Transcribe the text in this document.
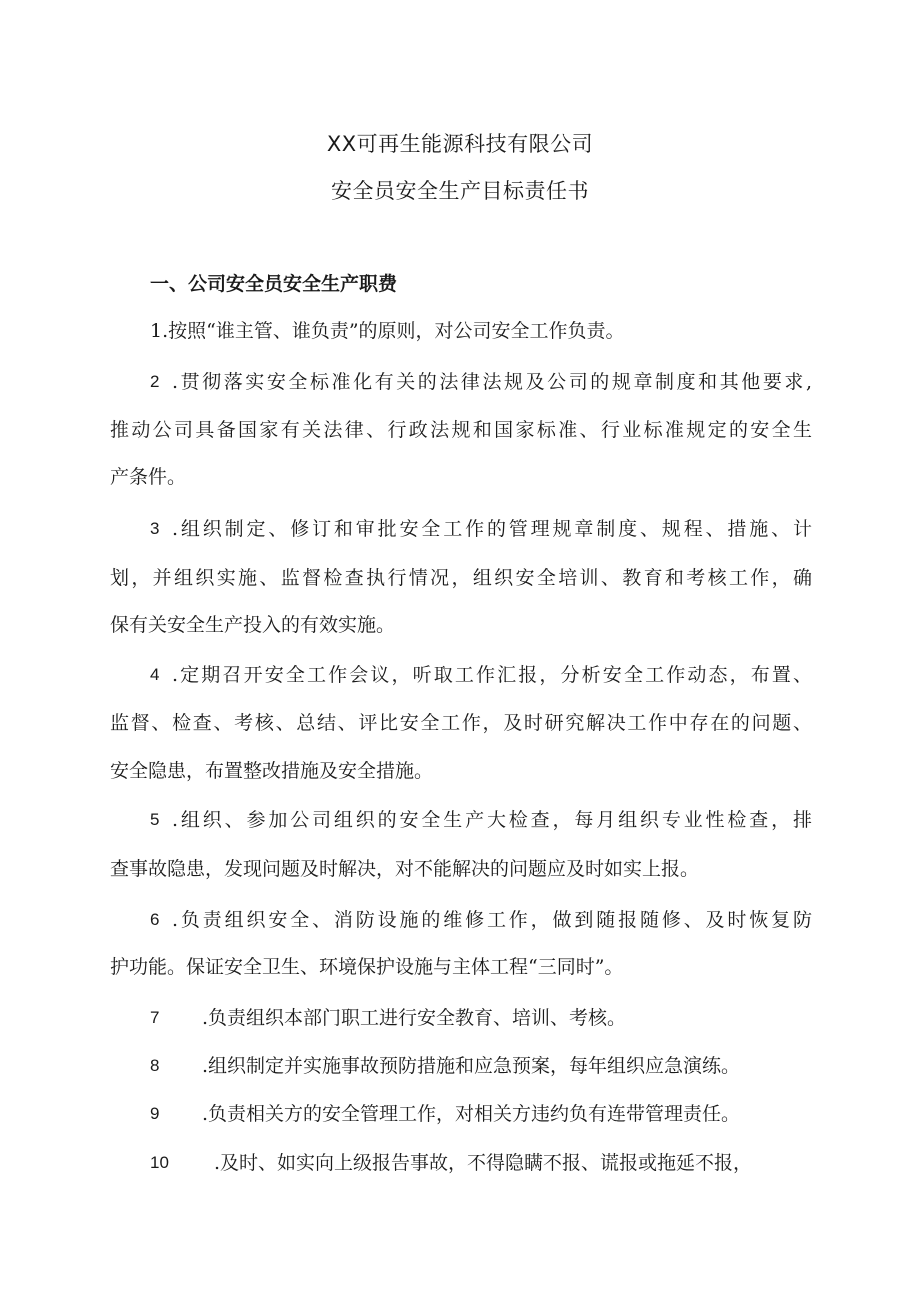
XX可再生能源科技有限公司
安全员安全生产目标责任书
一、公司安全员安全生产职费
1.按照“谁主管、谁负责”的原则，对公司安全工作负责。
2 .贯彻落实安全标准化有关的法律法规及公司的规章制度和其他要求,
推动公司具备国家有关法律、行政法规和国家标准、行业标准规定的安全生
产条件。
3 .组织制定、修订和审批安全工作的管理规章制度、规程、措施、计
划，并组织实施、监督检查执行情况，组织安全培训、教育和考核工作，确
保有关安全生产投入的有效实施。
4 .定期召开安全工作会议，听取工作汇报，分析安全工作动态，布置、
监督、检查、考核、总结、评比安全工作，及时研究解决工作中存在的问题、
安全隐患，布置整改措施及安全措施。
5 .组织、参加公司组织的安全生产大检查，每月组织专业性检查，排
查事故隐患，发现问题及时解决，对不能解决的问题应及时如实上报。
6 .负责组织安全、消防设施的维修工作，做到随报随修、及时恢复防
护功能。保证安全卫生、环境保护设施与主体工程“三同时”。
7 .负责组织本部门职工进行安全教育、培训、考核。
8 .组织制定并实施事故预防措施和应急预案，每年组织应急演练。
9 .负责相关方的安全管理工作，对相关方违约负有连带管理责任。
10 .及时、如实向上级报告事故，不得隐瞒不报、谎报或拖延不报，
